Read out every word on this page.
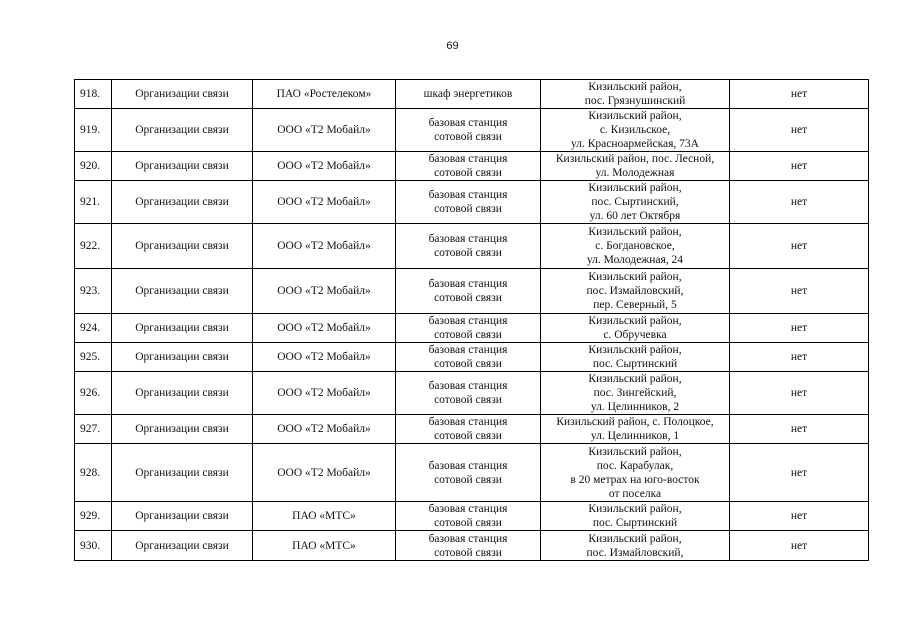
69
918.	Организации связи	ПАО «Ростелеком»	шкаф энергетиков	Кизильский район,
пос. Грязнушинский	нет
919.	Организации связи	ООО «Т2 Мобайл»	базовая станция
сотовой связи	Кизильский район,
с. Кизильское,
ул. Красноармейская, 73А	нет
920.	Организации связи	ООО «Т2 Мобайл»	базовая станция
сотовой связи	Кизильский район, пос. Лесной,
ул. Молодежная	нет
921.	Организации связи	ООО «Т2 Мобайл»	базовая станция
сотовой связи	Кизильский район,
пос. Сыртинский,
ул. 60 лет Октября	нет
922.	Организации связи	ООО «Т2 Мобайл»	базовая станция
сотовой связи	Кизильский район,
с. Богдановское,
ул. Молодежная, 24	нет
923.	Организации связи	ООО «Т2 Мобайл»	базовая станция
сотовой связи	Кизильский район,
пос. Измайловский,
пер. Северный, 5	нет
924.	Организации связи	ООО «Т2 Мобайл»	базовая станция
сотовой связи	Кизильский район,
с. Обручевка	нет
925.	Организации связи	ООО «Т2 Мобайл»	базовая станция
сотовой связи	Кизильский район,
пос. Сыртинский	нет
926.	Организации связи	ООО «Т2 Мобайл»	базовая станция
сотовой связи	Кизильский район,
пос. Зингейский,
ул. Целинников, 2	нет
927.	Организации связи	ООО «Т2 Мобайл»	базовая станция
сотовой связи	Кизильский район, с. Полоцкое,
ул. Целинников, 1	нет
928.	Организации связи	ООО «Т2 Мобайл»	базовая станция
сотовой связи	Кизильский район,
пос. Карабулак,
в 20 метрах на юго-восток
от поселка	нет
929.	Организации связи	ПАО «МТС»	базовая станция
сотовой связи	Кизильский район,
пос. Сыртинский	нет
930.	Организации связи	ПАО «МТС»	базовая станция
сотовой связи	Кизильский район,
пос. Измайловский,	нет
